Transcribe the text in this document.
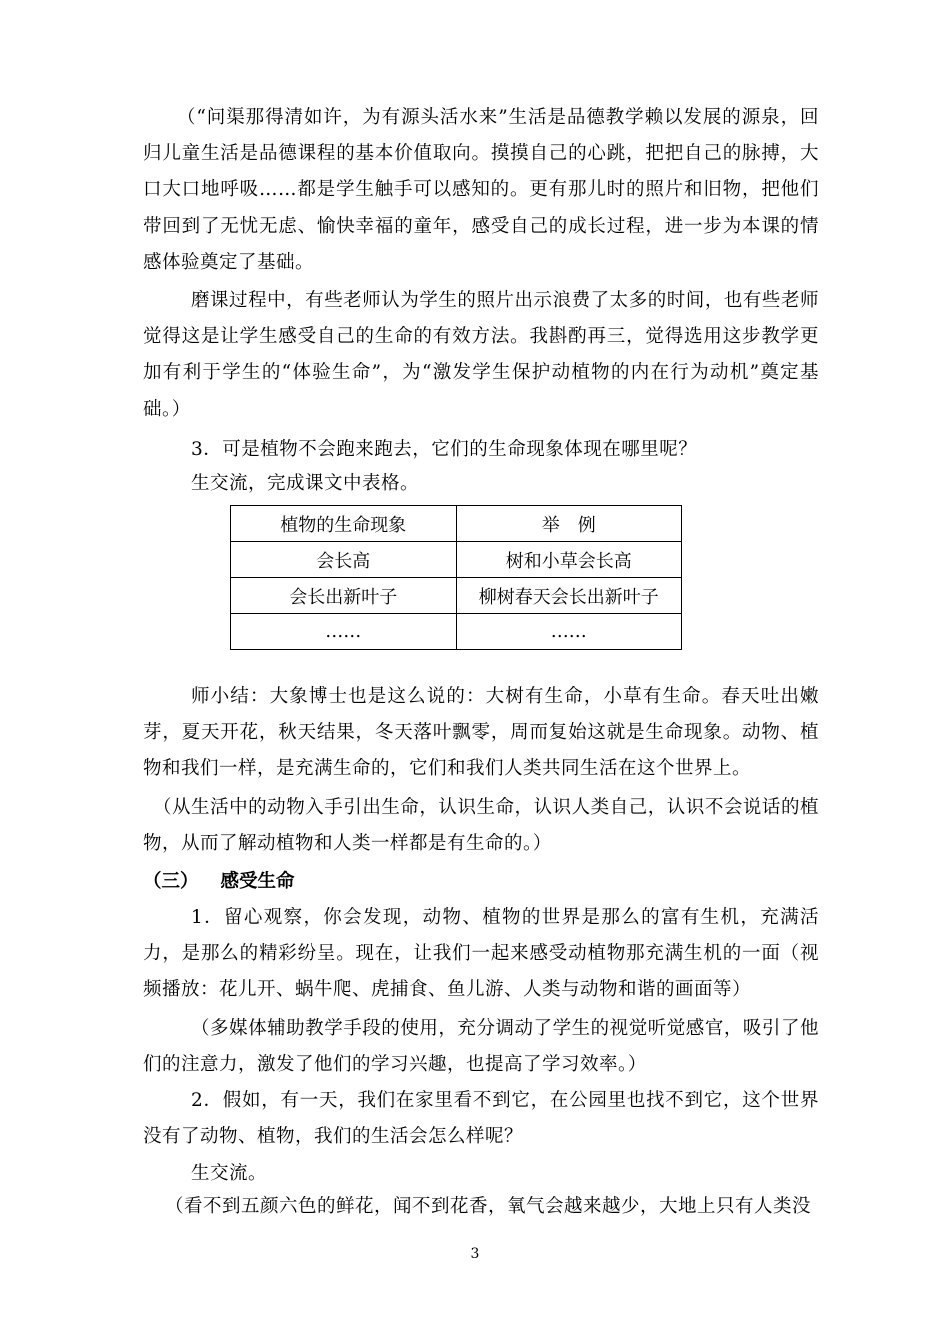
（“问渠那得清如许，为有源头活水来”生活是品德教学赖以发展的源泉，回归儿童生活是品德课程的基本价值取向。摸摸自己的心跳，把把自己的脉搏，大口大口地呼吸……都是学生触手可以感知的。更有那儿时的照片和旧物，把他们带回到了无忧无虑、愉快幸福的童年，感受自己的成长过程，进一步为本课的情感体验奠定了基础。

磨课过程中，有些老师认为学生的照片出示浪费了太多的时间，也有些老师觉得这是让学生感受自己的生命的有效方法。我斟酌再三，觉得选用这步教学更加有利于学生的“体验生命”，为“激发学生保护动植物的内在行为动机”奠定基础。）

3．可是植物不会跑来跑去，它们的生命现象体现在哪里呢？

生交流，完成课文中表格。

植物的生命现象	举　例
会长高	树和小草会长高
会长出新叶子	柳树春天会长出新叶子
……	……

师小结：大象博士也是这么说的：大树有生命，小草有生命。春天吐出嫩芽，夏天开花，秋天结果，冬天落叶飘零，周而复始这就是生命现象。动物、植物和我们一样，是充满生命的，它们和我们人类共同生活在这个世界上。

（从生活中的动物入手引出生命，认识生命，认识人类自己，认识不会说话的植物，从而了解动植物和人类一样都是有生命的。）

（三） 感受生命

1．留心观察，你会发现，动物、植物的世界是那么的富有生机，充满活力，是那么的精彩纷呈。现在，让我们一起来感受动植物那充满生机的一面（视频播放：花儿开、蜗牛爬、虎捕食、鱼儿游、人类与动物和谐的画面等）

（多媒体辅助教学手段的使用，充分调动了学生的视觉听觉感官，吸引了他们的注意力，激发了他们的学习兴趣，也提高了学习效率。）

2．假如，有一天，我们在家里看不到它，在公园里也找不到它，这个世界没有了动物、植物，我们的生活会怎么样呢？

生交流。

（看不到五颜六色的鲜花，闻不到花香，氧气会越来越少，大地上只有人类没

3
